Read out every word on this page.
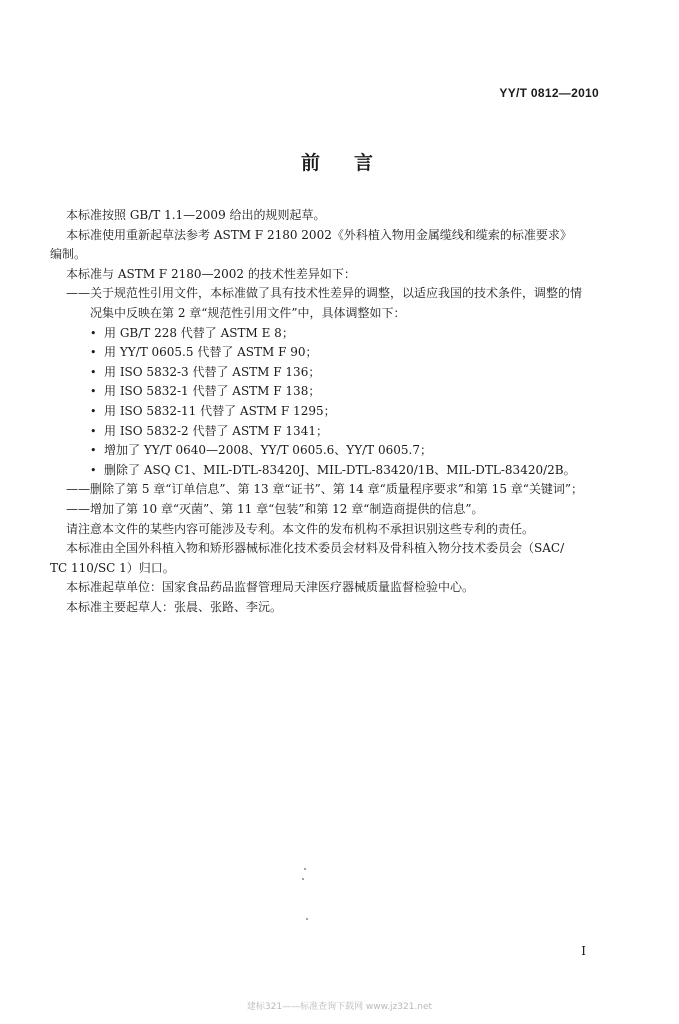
YY/T 0812—2010
前言

本标准按照 GB/T 1.1—2009 给出的规则起草。

本标准使用重新起草法参考 ASTM F 2180 2002《外科植入物用金属缆线和缆索的标准要求》

编制。

本标准与 ASTM F 2180—2002 的技术性差异如下：

——关于规范性引用文件，本标准做了具有技术性差异的调整，以适应我国的技术条件，调整的情

况集中反映在第 2 章“规范性引用文件”中，具体调整如下：

• 用 GB/T 228 代替了 ASTM E 8；
• 用 YY/T 0605.5 代替了 ASTM F 90；
• 用 ISO 5832-3 代替了 ASTM F 136；
• 用 ISO 5832-1 代替了 ASTM F 138；
• 用 ISO 5832-11 代替了 ASTM F 1295；
• 用 ISO 5832-2 代替了 ASTM F 1341；
• 增加了 YY/T 0640—2008、YY/T 0605.6、YY/T 0605.7；
• 删除了 ASQ C1、MIL-DTL-83420J、MIL-DTL-83420/1B、MIL-DTL-83420/2B。

——删除了第 5 章“订单信息”、第 13 章“证书”、第 14 章“质量程序要求”和第 15 章“关键词”；

——增加了第 10 章“灭菌”、第 11 章“包装”和第 12 章“制造商提供的信息”。

请注意本文件的某些内容可能涉及专利。本文件的发布机构不承担识别这些专利的责任。

本标准由全国外科植入物和矫形器械标准化技术委员会材料及骨科植入物分技术委员会（SAC/

TC 110/SC 1）归口。

本标准起草单位：国家食品药品监督管理局天津医疗器械质量监督检验中心。

本标准主要起草人：张晨、张路、李沅。

I
建标321——标准查询下载网 www.jz321.net
